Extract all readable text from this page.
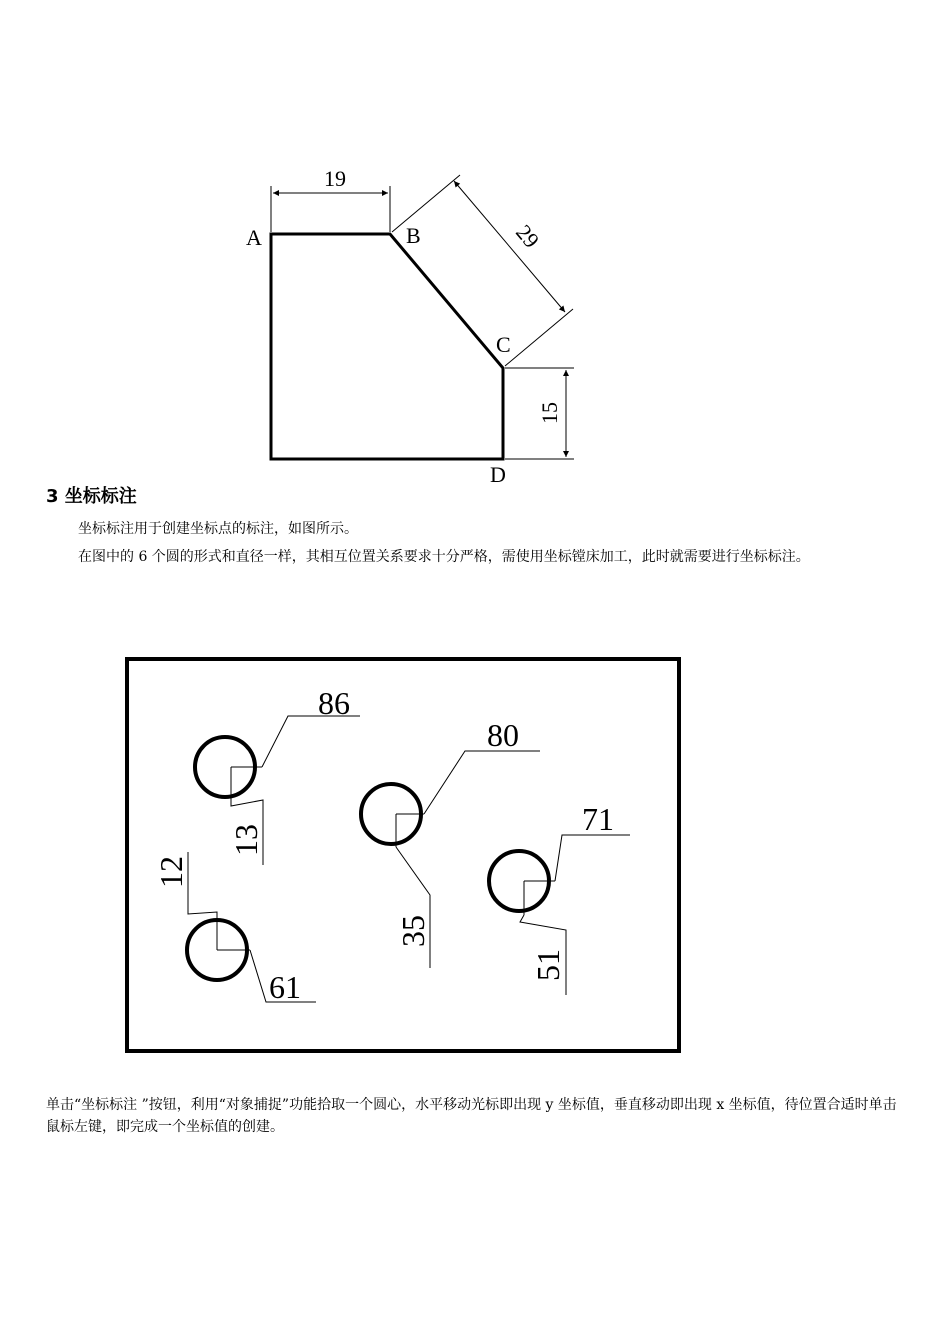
19
29
15
A	B
C
D
3 坐标标注

坐标标注用于创建坐标点的标注，如图所示。

在图中的 6 个圆的形式和直径一样，其相互位置关系要求十分严格，需使用坐标镗床加工，此时就需要进行坐标标注。

86
13
80
35
71
51
61
12

单击“坐标标注 ”按钮，利用“对象捕捉”功能拾取一个圆心，水平移动光标即出现 y 坐标值，垂直移动即出现 x 坐标值，待位置合适时单击鼠标左键，即完成一个坐标值的创建。
